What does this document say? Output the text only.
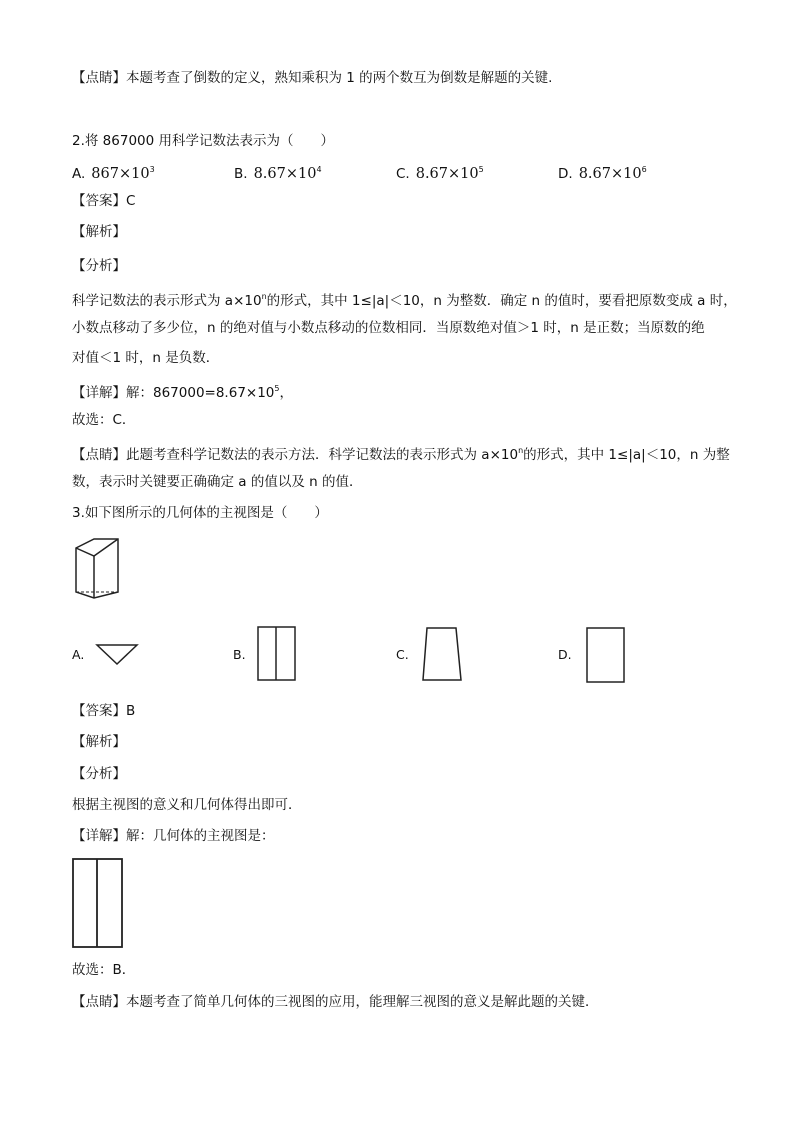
【点睛】本题考查了倒数的定义，熟知乘积为 1 的两个数互为倒数是解题的关键.
2.将 867000 用科学记数法表示为（　　）
A. $867\times 10^3$	B. $8.67\times 10^4$	C. $8.67\times 10^5$	D. $8.67\times 10^6$
【答案】C
【解析】
【分析】
科学记数法的表示形式为 $a\times 10^n$的形式，其中 1≤|a|＜10，n 为整数．确定 n 的值时，要看把原数变成 a 时，
小数点移动了多少位，n 的绝对值与小数点移动的位数相同．当原数绝对值＞1 时，n 是正数；当原数的绝
对值＜1 时，n 是负数．
【详解】解：$867000=8.67\times 10^5$，
故选：C．
【点睛】此题考查科学记数法的表示方法．科学记数法的表示形式为 $a\times 10^n$的形式，其中 1≤|a|＜10，n 为整
数，表示时关键要正确确定 a 的值以及 n 的值．
3.如下图所示的几何体的主视图是（　　）
A.	B.	C.	D.
【答案】B
【解析】
【分析】
根据主视图的意义和几何体得出即可．
【详解】解：几何体的主视图是：
故选：B．
【点睛】本题考查了简单几何体的三视图的应用，能理解三视图的意义是解此题的关键．
